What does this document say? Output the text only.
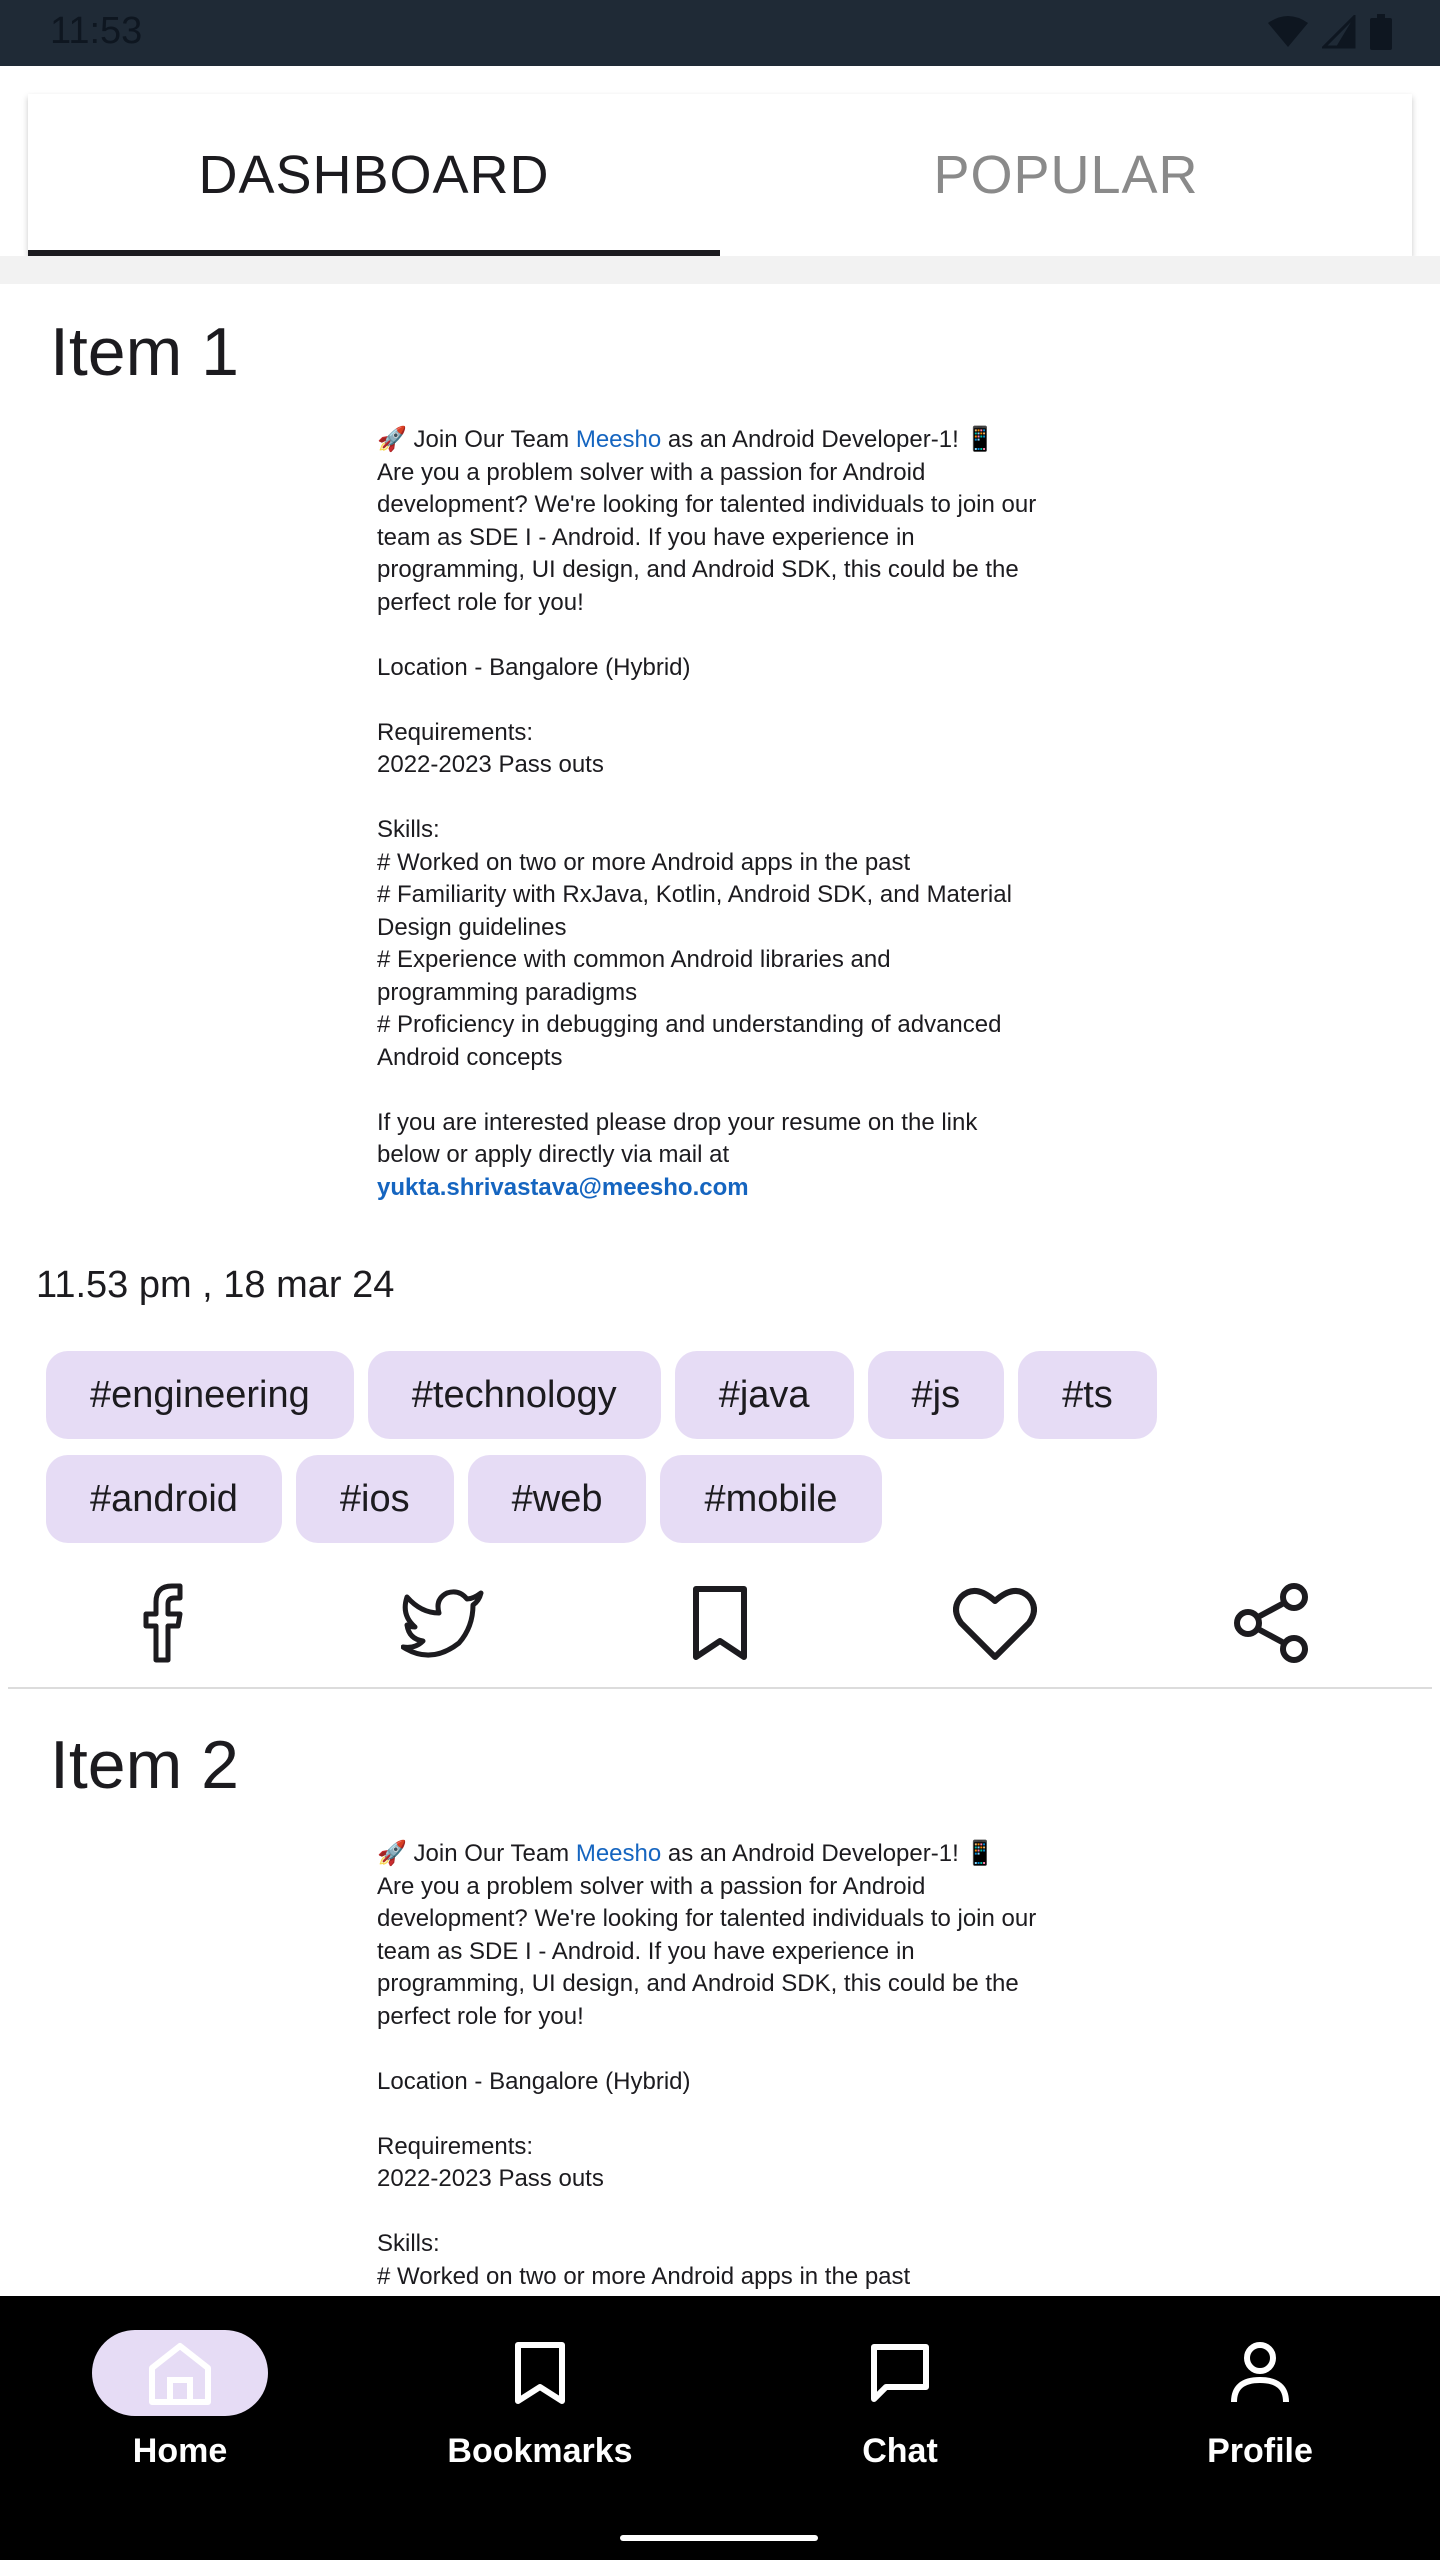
11:53
DASHBOARD	POPULAR
Item 1
🚀 Join Our Team Meesho as an Android Developer-1! 📱
Are you a problem solver with a passion for Android
development? We're looking for talented individuals to join our
team as SDE I - Android. If you have experience in
programming, UI design, and Android SDK, this could be the
perfect role for you!

Location - Bangalore (Hybrid)

Requirements:
2022-2023 Pass outs

Skills:
# Worked on two or more Android apps in the past
# Familiarity with RxJava, Kotlin, Android SDK, and Material
Design guidelines
# Experience with common Android libraries and
programming paradigms
# Proficiency in debugging and understanding of advanced
Android concepts

If you are interested please drop your resume on the link
below or apply directly via mail at
yukta.shrivastava@meesho.com
11.53 pm , 18 mar 24
#engineering	#technology	#java	#js	#ts
#android	#ios	#web	#mobile
Item 2
🚀 Join Our Team Meesho as an Android Developer-1! 📱
Are you a problem solver with a passion for Android
development? We're looking for talented individuals to join our
team as SDE I - Android. If you have experience in
programming, UI design, and Android SDK, this could be the
perfect role for you!

Location - Bangalore (Hybrid)

Requirements:
2022-2023 Pass outs

Skills:
# Worked on two or more Android apps in the past
Home	Bookmarks	Chat	Profile
